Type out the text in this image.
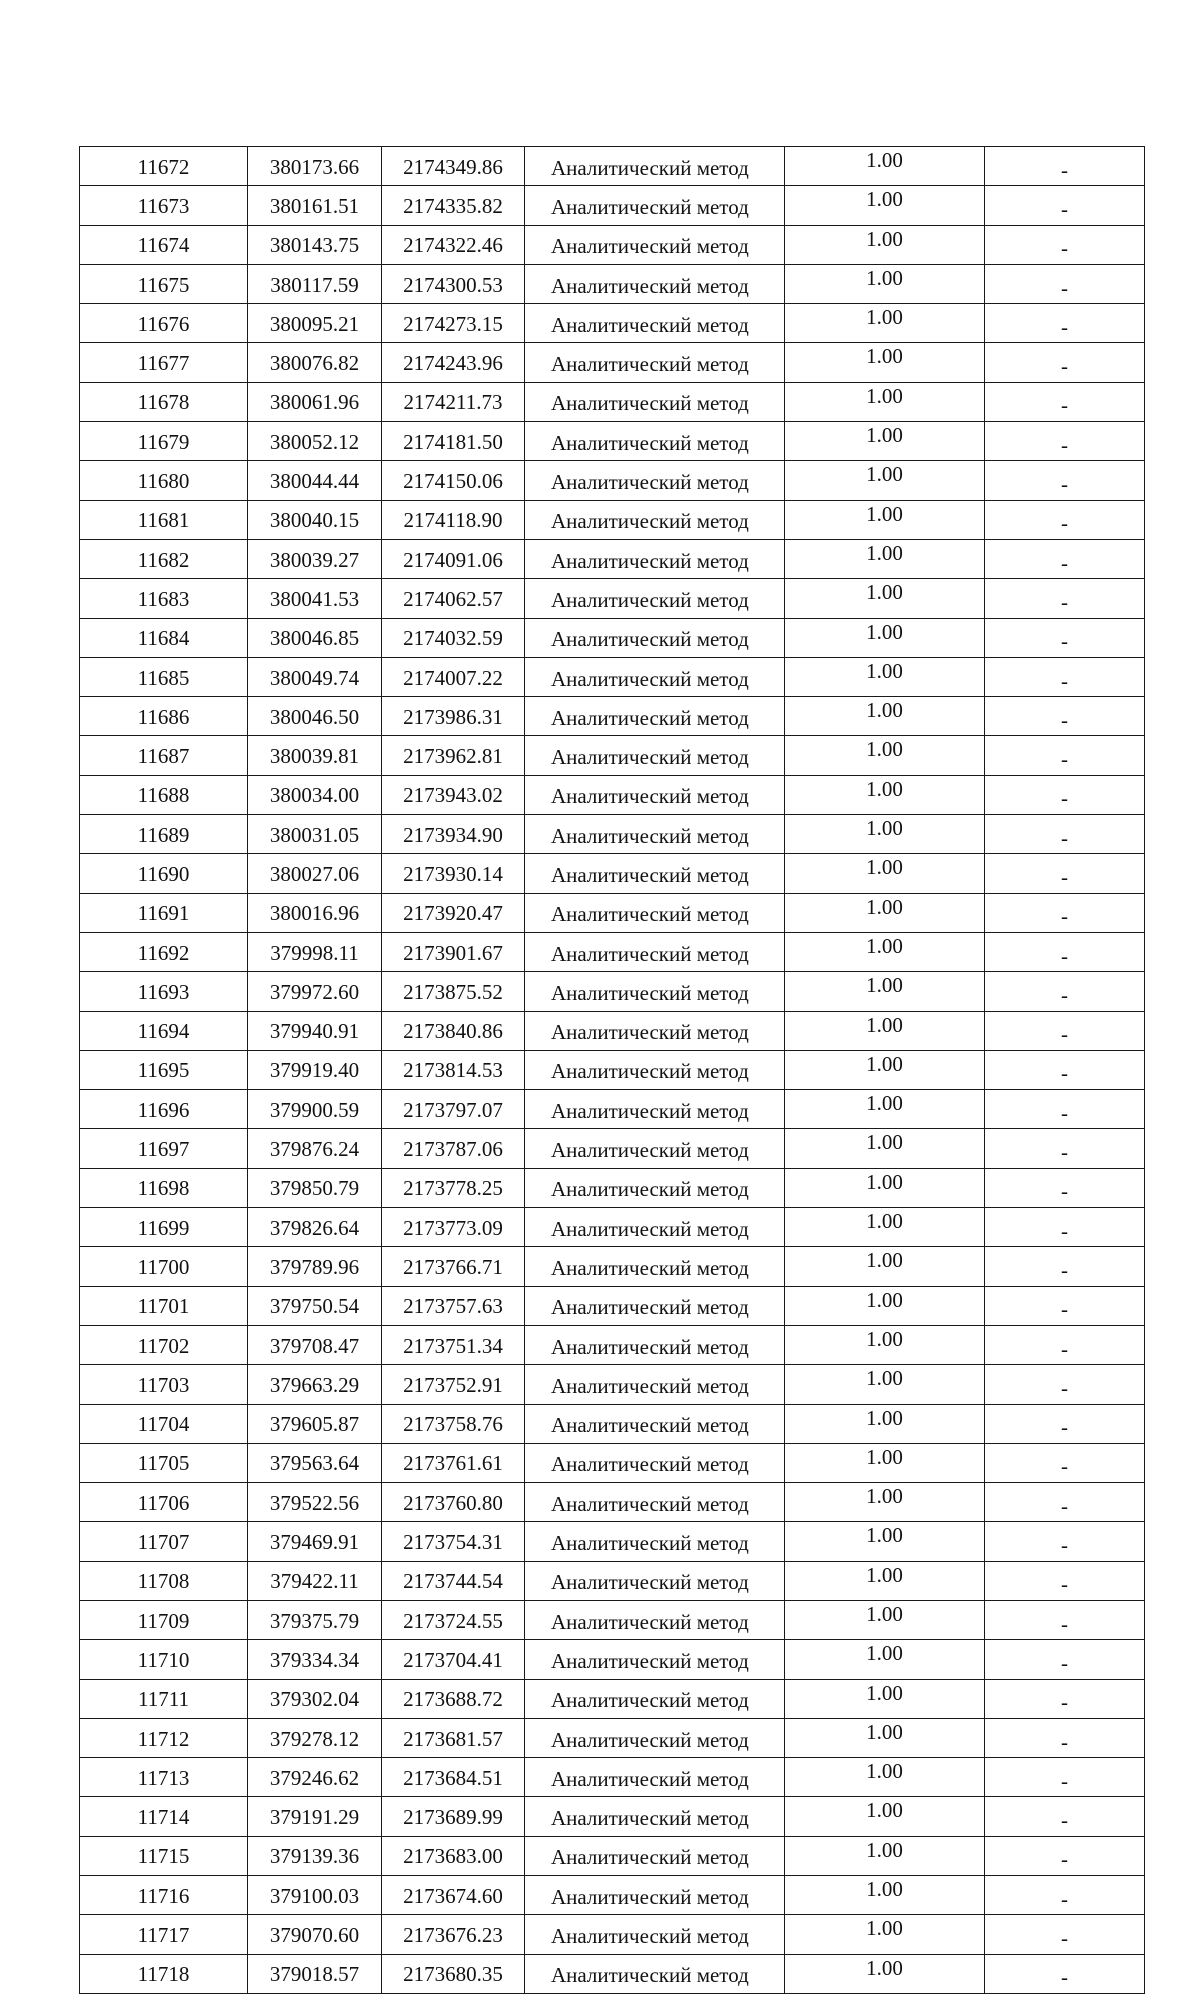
11672	380173.66	2174349.86	Аналитический метод	1.00	-
11673	380161.51	2174335.82	Аналитический метод	1.00	-
11674	380143.75	2174322.46	Аналитический метод	1.00	-
11675	380117.59	2174300.53	Аналитический метод	1.00	-
11676	380095.21	2174273.15	Аналитический метод	1.00	-
11677	380076.82	2174243.96	Аналитический метод	1.00	-
11678	380061.96	2174211.73	Аналитический метод	1.00	-
11679	380052.12	2174181.50	Аналитический метод	1.00	-
11680	380044.44	2174150.06	Аналитический метод	1.00	-
11681	380040.15	2174118.90	Аналитический метод	1.00	-
11682	380039.27	2174091.06	Аналитический метод	1.00	-
11683	380041.53	2174062.57	Аналитический метод	1.00	-
11684	380046.85	2174032.59	Аналитический метод	1.00	-
11685	380049.74	2174007.22	Аналитический метод	1.00	-
11686	380046.50	2173986.31	Аналитический метод	1.00	-
11687	380039.81	2173962.81	Аналитический метод	1.00	-
11688	380034.00	2173943.02	Аналитический метод	1.00	-
11689	380031.05	2173934.90	Аналитический метод	1.00	-
11690	380027.06	2173930.14	Аналитический метод	1.00	-
11691	380016.96	2173920.47	Аналитический метод	1.00	-
11692	379998.11	2173901.67	Аналитический метод	1.00	-
11693	379972.60	2173875.52	Аналитический метод	1.00	-
11694	379940.91	2173840.86	Аналитический метод	1.00	-
11695	379919.40	2173814.53	Аналитический метод	1.00	-
11696	379900.59	2173797.07	Аналитический метод	1.00	-
11697	379876.24	2173787.06	Аналитический метод	1.00	-
11698	379850.79	2173778.25	Аналитический метод	1.00	-
11699	379826.64	2173773.09	Аналитический метод	1.00	-
11700	379789.96	2173766.71	Аналитический метод	1.00	-
11701	379750.54	2173757.63	Аналитический метод	1.00	-
11702	379708.47	2173751.34	Аналитический метод	1.00	-
11703	379663.29	2173752.91	Аналитический метод	1.00	-
11704	379605.87	2173758.76	Аналитический метод	1.00	-
11705	379563.64	2173761.61	Аналитический метод	1.00	-
11706	379522.56	2173760.80	Аналитический метод	1.00	-
11707	379469.91	2173754.31	Аналитический метод	1.00	-
11708	379422.11	2173744.54	Аналитический метод	1.00	-
11709	379375.79	2173724.55	Аналитический метод	1.00	-
11710	379334.34	2173704.41	Аналитический метод	1.00	-
11711	379302.04	2173688.72	Аналитический метод	1.00	-
11712	379278.12	2173681.57	Аналитический метод	1.00	-
11713	379246.62	2173684.51	Аналитический метод	1.00	-
11714	379191.29	2173689.99	Аналитический метод	1.00	-
11715	379139.36	2173683.00	Аналитический метод	1.00	-
11716	379100.03	2173674.60	Аналитический метод	1.00	-
11717	379070.60	2173676.23	Аналитический метод	1.00	-
11718	379018.57	2173680.35	Аналитический метод	1.00	-
